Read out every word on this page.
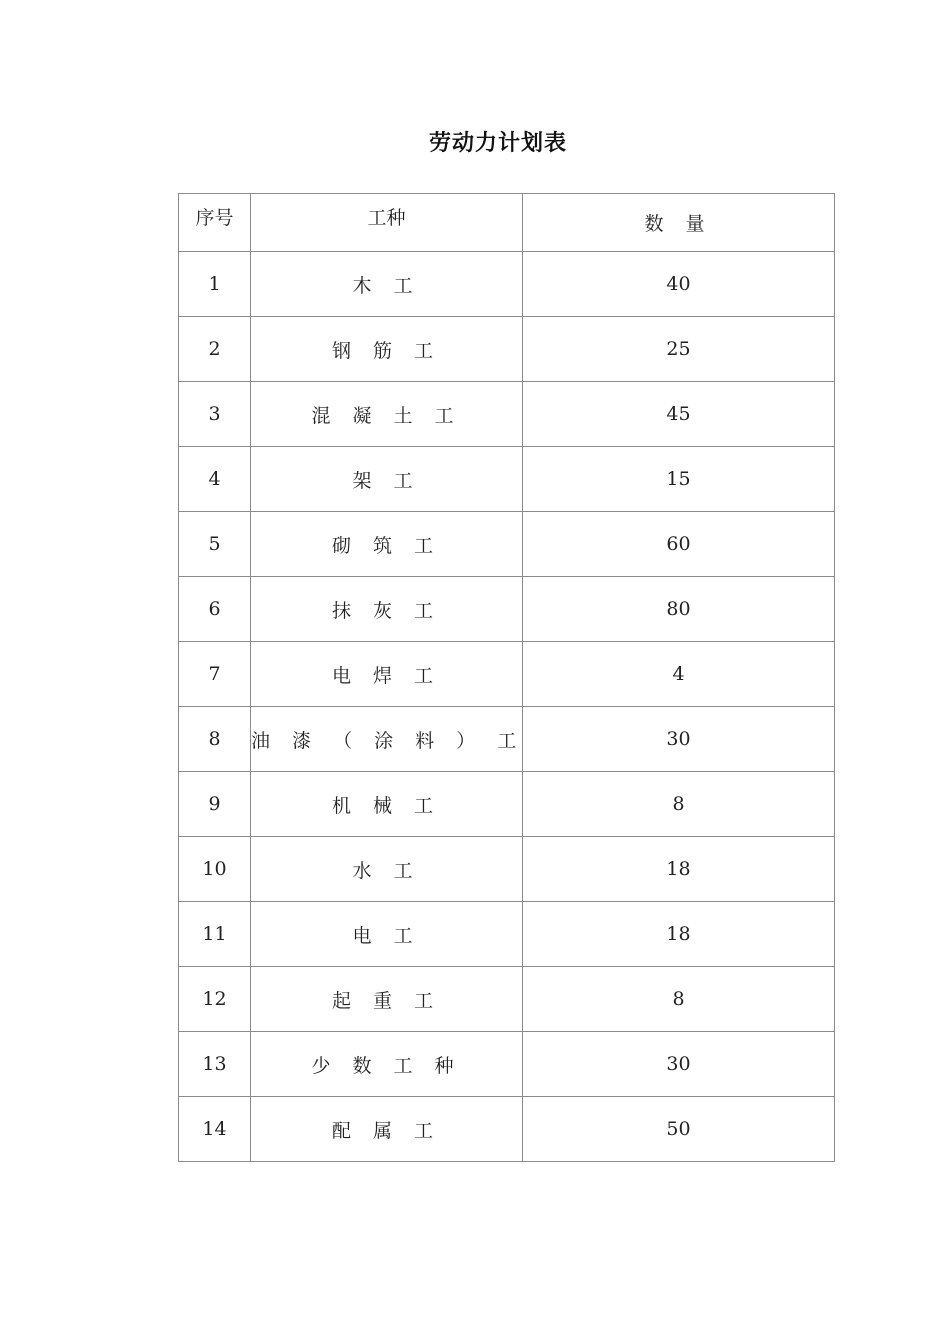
劳动力计划表
序号	工种	数 量
1	木 工	40
2	钢 筋 工	25
3	混 凝 土 工	45
4	架 工	15
5	砌 筑 工	60
6	抹 灰 工	80
7	电 焊 工	4
8	油 漆 （ 涂 料 ） 工	30
9	机 械 工	8
10	水 工	18
11	电 工	18
12	起 重 工	8
13	少 数 工 种	30
14	配 属 工	50
